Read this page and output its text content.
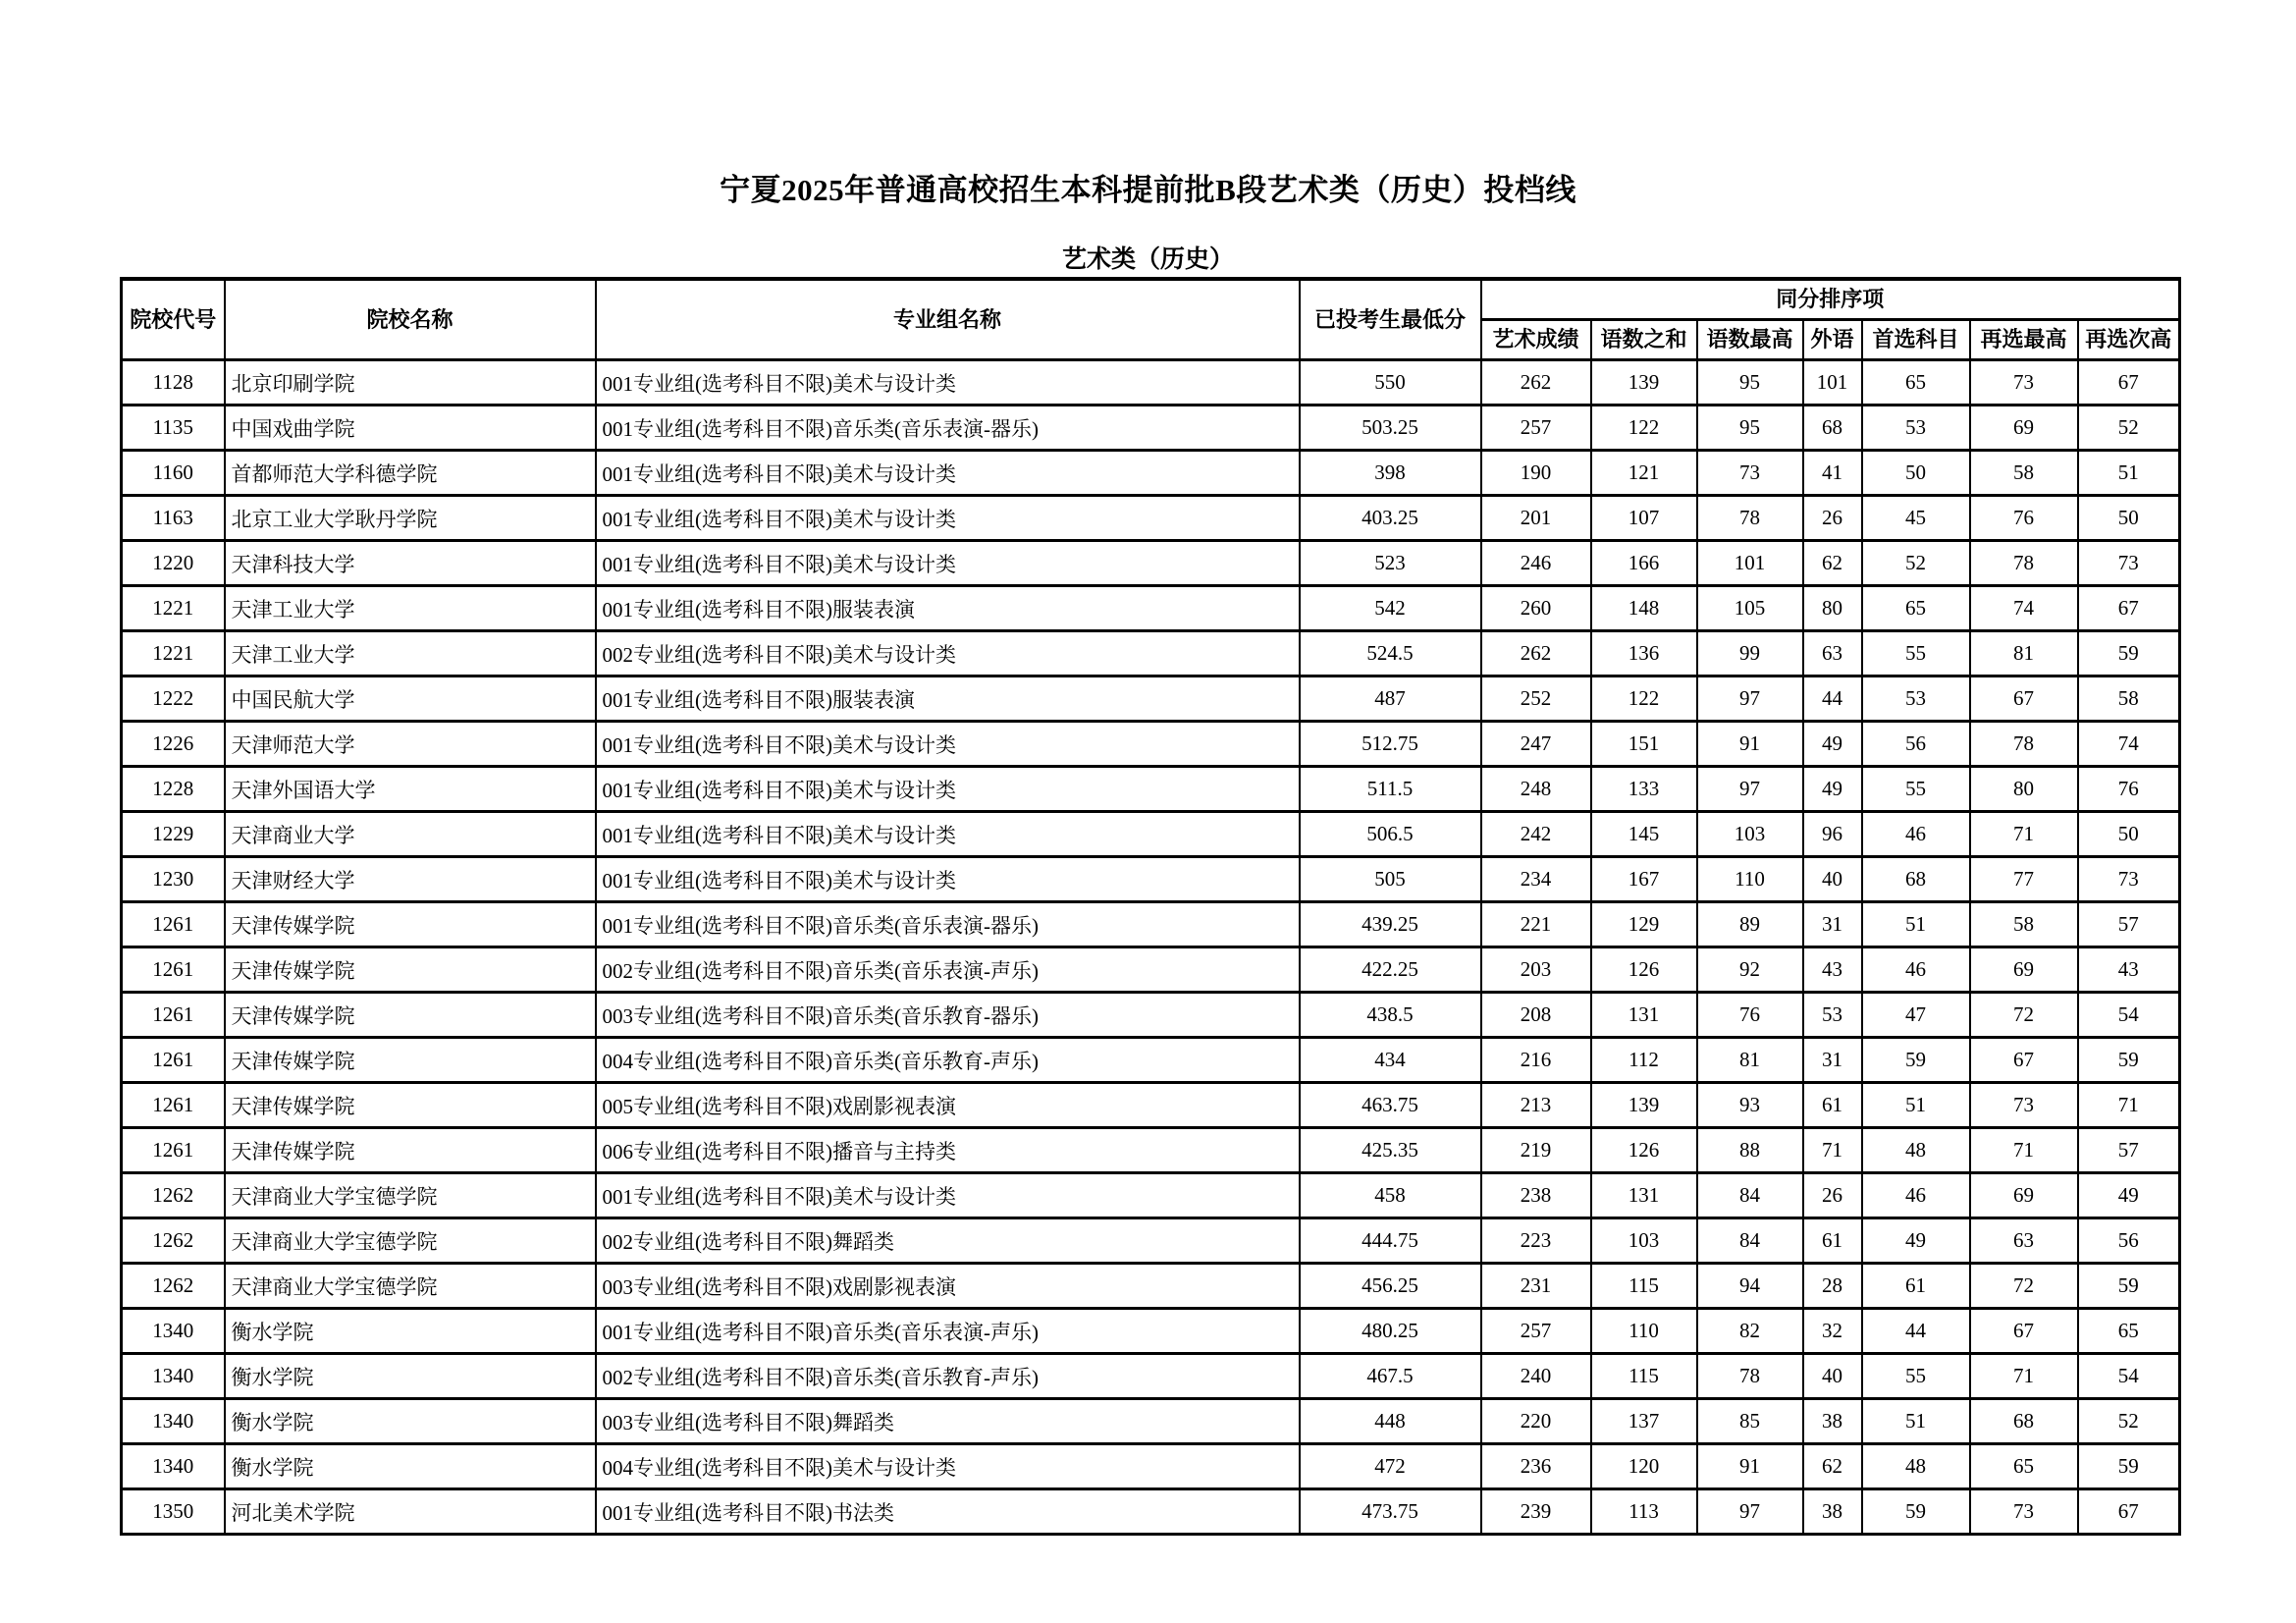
宁夏2025年普通高校招生本科提前批B段艺术类（历史）投档线
艺术类（历史）
院校代号	院校名称	专业组名称	已投考生最低分	同分排序项						
				艺术成绩	语数之和	语数最高	外语	首选科目	再选最高	再选次高
1128	北京印刷学院	001专业组(选考科目不限)美术与设计类	550	262	139	95	101	65	73	67
1135	中国戏曲学院	001专业组(选考科目不限)音乐类(音乐表演-器乐)	503.25	257	122	95	68	53	69	52
1160	首都师范大学科德学院	001专业组(选考科目不限)美术与设计类	398	190	121	73	41	50	58	51
1163	北京工业大学耿丹学院	001专业组(选考科目不限)美术与设计类	403.25	201	107	78	26	45	76	50
1220	天津科技大学	001专业组(选考科目不限)美术与设计类	523	246	166	101	62	52	78	73
1221	天津工业大学	001专业组(选考科目不限)服装表演	542	260	148	105	80	65	74	67
1221	天津工业大学	002专业组(选考科目不限)美术与设计类	524.5	262	136	99	63	55	81	59
1222	中国民航大学	001专业组(选考科目不限)服装表演	487	252	122	97	44	53	67	58
1226	天津师范大学	001专业组(选考科目不限)美术与设计类	512.75	247	151	91	49	56	78	74
1228	天津外国语大学	001专业组(选考科目不限)美术与设计类	511.5	248	133	97	49	55	80	76
1229	天津商业大学	001专业组(选考科目不限)美术与设计类	506.5	242	145	103	96	46	71	50
1230	天津财经大学	001专业组(选考科目不限)美术与设计类	505	234	167	110	40	68	77	73
1261	天津传媒学院	001专业组(选考科目不限)音乐类(音乐表演-器乐)	439.25	221	129	89	31	51	58	57
1261	天津传媒学院	002专业组(选考科目不限)音乐类(音乐表演-声乐)	422.25	203	126	92	43	46	69	43
1261	天津传媒学院	003专业组(选考科目不限)音乐类(音乐教育-器乐)	438.5	208	131	76	53	47	72	54
1261	天津传媒学院	004专业组(选考科目不限)音乐类(音乐教育-声乐)	434	216	112	81	31	59	67	59
1261	天津传媒学院	005专业组(选考科目不限)戏剧影视表演	463.75	213	139	93	61	51	73	71
1261	天津传媒学院	006专业组(选考科目不限)播音与主持类	425.35	219	126	88	71	48	71	57
1262	天津商业大学宝德学院	001专业组(选考科目不限)美术与设计类	458	238	131	84	26	46	69	49
1262	天津商业大学宝德学院	002专业组(选考科目不限)舞蹈类	444.75	223	103	84	61	49	63	56
1262	天津商业大学宝德学院	003专业组(选考科目不限)戏剧影视表演	456.25	231	115	94	28	61	72	59
1340	衡水学院	001专业组(选考科目不限)音乐类(音乐表演-声乐)	480.25	257	110	82	32	44	67	65
1340	衡水学院	002专业组(选考科目不限)音乐类(音乐教育-声乐)	467.5	240	115	78	40	55	71	54
1340	衡水学院	003专业组(选考科目不限)舞蹈类	448	220	137	85	38	51	68	52
1340	衡水学院	004专业组(选考科目不限)美术与设计类	472	236	120	91	62	48	65	59
1350	河北美术学院	001专业组(选考科目不限)书法类	473.75	239	113	97	38	59	73	67
